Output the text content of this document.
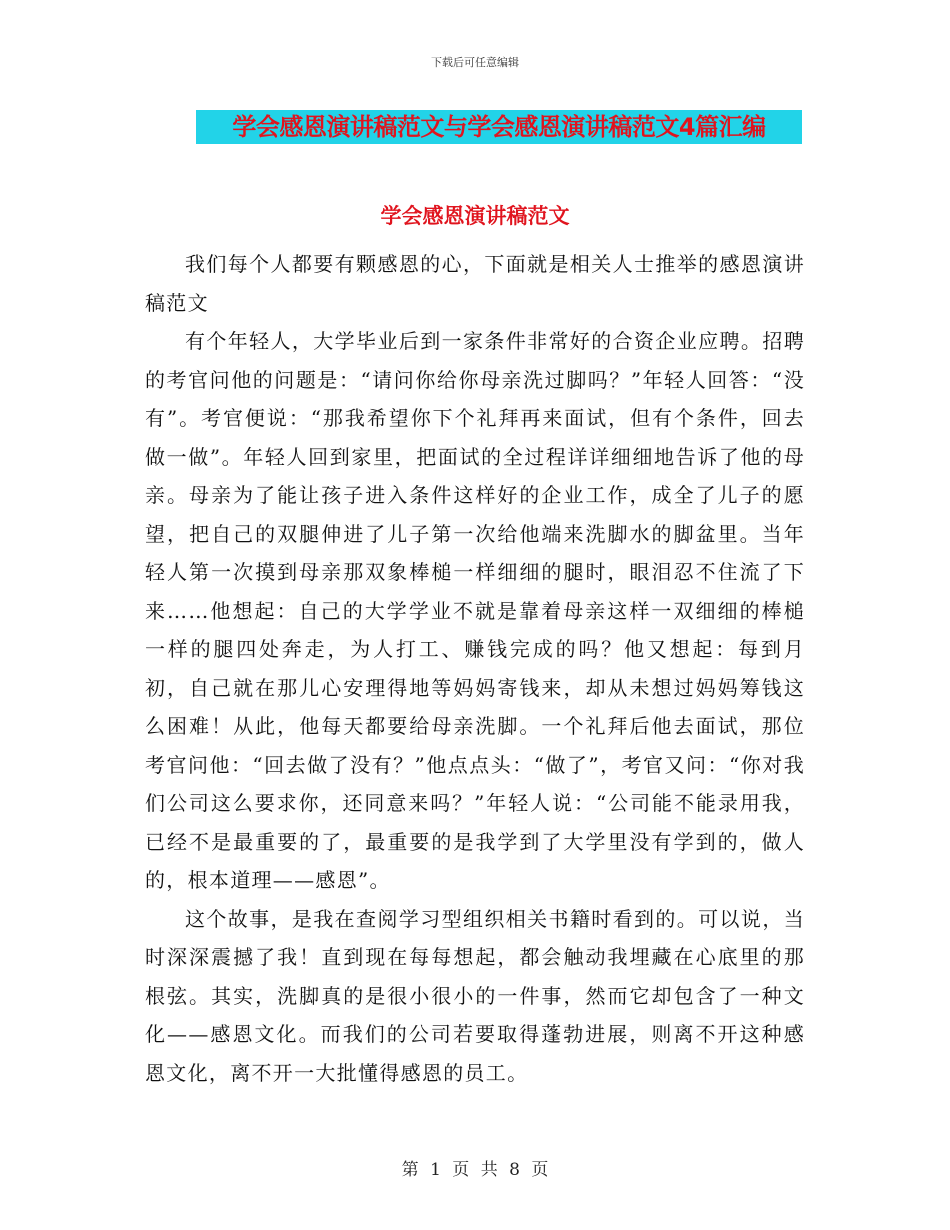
下载后可任意编辑
学会感恩演讲稿范文与学会感恩演讲稿范文4篇汇编
学会感恩演讲稿范文

我们每个人都要有颗感恩的心，下面就是相关人士推举的感恩演讲稿范文

有个年轻人，大学毕业后到一家条件非常好的合资企业应聘。招聘的考官问他的问题是：“请问你给你母亲洗过脚吗？”年轻人回答：“没有”。考官便说：“那我希望你下个礼拜再来面试，但有个条件，回去做一做”。年轻人回到家里，把面试的全过程详详细细地告诉了他的母亲。母亲为了能让孩子进入条件这样好的企业工作，成全了儿子的愿望，把自己的双腿伸进了儿子第一次给他端来洗脚水的脚盆里。当年轻人第一次摸到母亲那双象棒槌一样细细的腿时，眼泪忍不住流了下来……他想起：自己的大学学业不就是靠着母亲这样一双细细的棒槌一样的腿四处奔走，为人打工、赚钱完成的吗？他又想起：每到月初，自己就在那儿心安理得地等妈妈寄钱来，却从未想过妈妈筹钱这么困难！从此，他每天都要给母亲洗脚。一个礼拜后他去面试，那位考官问他：“回去做了没有？”他点点头：“做了”，考官又问：“你对我们公司这么要求你，还同意来吗？”年轻人说：“公司能不能录用我，已经不是最重要的了，最重要的是我学到了大学里没有学到的，做人的，根本道理——感恩”。

这个故事，是我在查阅学习型组织相关书籍时看到的。可以说，当时深深震撼了我！直到现在每每想起，都会触动我埋藏在心底里的那根弦。其实，洗脚真的是很小很小的一件事，然而它却包含了一种文化——感恩文化。而我们的公司若要取得蓬勃进展，则离不开这种感恩文化，离不开一大批懂得感恩的员工。

第 1 页 共 8 页
